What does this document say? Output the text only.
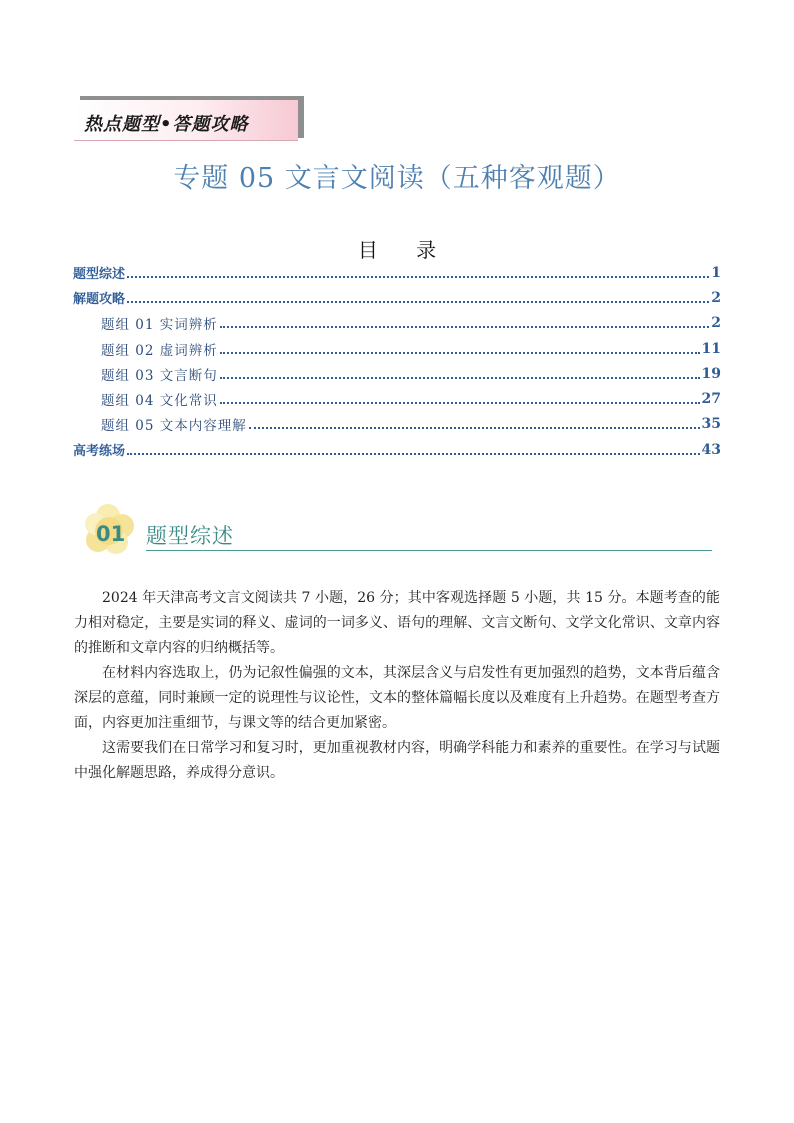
热点题型•答题攻略
专题 05 文言文阅读（五种客观题）
目 录
题型综述	1
解题攻略	2
题组 01 实词辨析	2
题组 02 虚词辨析	11
题组 03 文言断句	19
题组 04 文化常识	27
题组 05 文本内容理解	35
高考练场	43
01 题型综述

2024 年天津高考文言文阅读共 7 小题，26 分；其中客观选择题 5 小题，共 15 分。本题考查的能力相对稳定，主要是实词的释义、虚词的一词多义、语句的理解、文言文断句、文学文化常识、文章内容的推断和文章内容的归纳概括等。

在材料内容选取上，仍为记叙性偏强的文本，其深层含义与启发性有更加强烈的趋势，文本背后蕴含深层的意蕴，同时兼顾一定的说理性与议论性，文本的整体篇幅长度以及难度有上升趋势。在题型考查方面，内容更加注重细节，与课文等的结合更加紧密。

这需要我们在日常学习和复习时，更加重视教材内容，明确学科能力和素养的重要性。在学习与试题中强化解题思路，养成得分意识。
